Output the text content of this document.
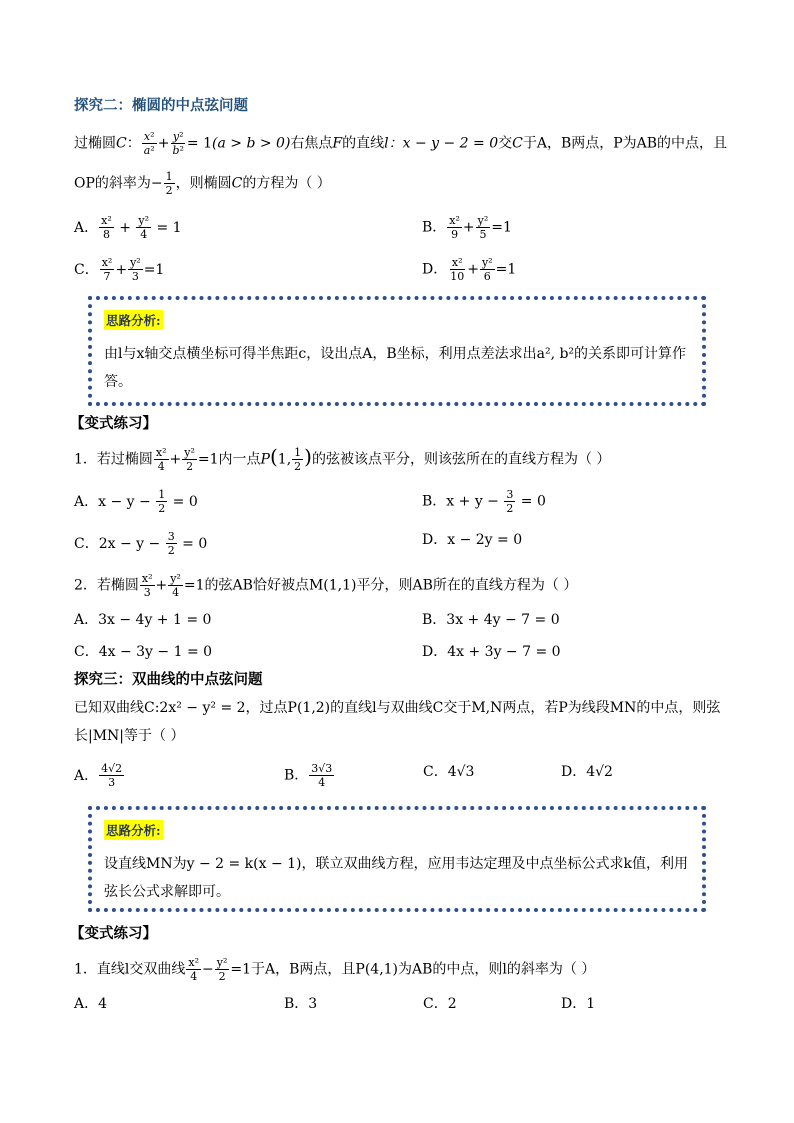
探究二：椭圆的中点弦问题
过椭圆C： $\frac{\text{x²}}{\text{a²}} + \frac{\text{y²}}{\text{b²}} = 1(a > b > 0)$右焦点F的直线l：x − y − 2 = 0交C于A，B两点，P为AB的中点，且
OP的斜率为− $\frac{1}{2}$ ，则椭圆C的方程为（ ）
A． $\frac{\text{x²}}{8} + \frac{\text{y²}}{4} = 1$	B． $\frac{\text{x²}}{9} + \frac{\text{y²}}{5} =1$
C． $\frac{\text{x²}}{7} + \frac{\text{y²}}{3} =1$	D． $\frac{\text{x²}}{10} + \frac{\text{y²}}{6} =1$
思路分析:
由l与x轴交点横坐标可得半焦距c，设出点A，B坐标，利用点差法求出a², b²的关系即可计算作答。
【变式练习】
1．若过椭圆 $\frac{\text{x²}}{4} + \frac{\text{y²}}{2} =1$内一点P(1, $\frac{1}{2}$ )的弦被该点平分，则该弦所在的直线方程为（ ）
A．$x - y - \frac{1}{2} = 0$	B．$x + y - \frac{3}{2} = 0$
C．$2x - y - \frac{3}{2} = 0$	D．x − 2y = 0
2．若椭圆 $\frac{\text{x²}}{3} + \frac{\text{y²}}{4} =1$的弦AB恰好被点M(1,1)平分，则AB所在的直线方程为（ ）
A．3x − 4y + 1 = 0	B．3x + 4y − 7 = 0
C．4x − 3y − 1 = 0	D．4x + 3y − 7 = 0
探究三：双曲线的中点弦问题
已知双曲线C:2x² − y² = 2，过点P(1,2)的直线l与双曲线C交于M,N两点，若P为线段MN的中点，则弦
长|MN|等于（ ）
A． $\frac{4√2}{3}$	B． $\frac{3√3}{4}$	C．4√3	D．4√2
思路分析:
设直线MN为y − 2 = k(x − 1)，联立双曲线方程，应用韦达定理及中点坐标公式求k值，利用弦长公式求解即可。
【变式练习】
1．直线l交双曲线 $\frac{\text{x²}}{4} - \frac{\text{y²}}{2} =1$于A，B两点，且P(4,1)为AB的中点，则l的斜率为（ ）
A．4	B．3	C．2	D．1
